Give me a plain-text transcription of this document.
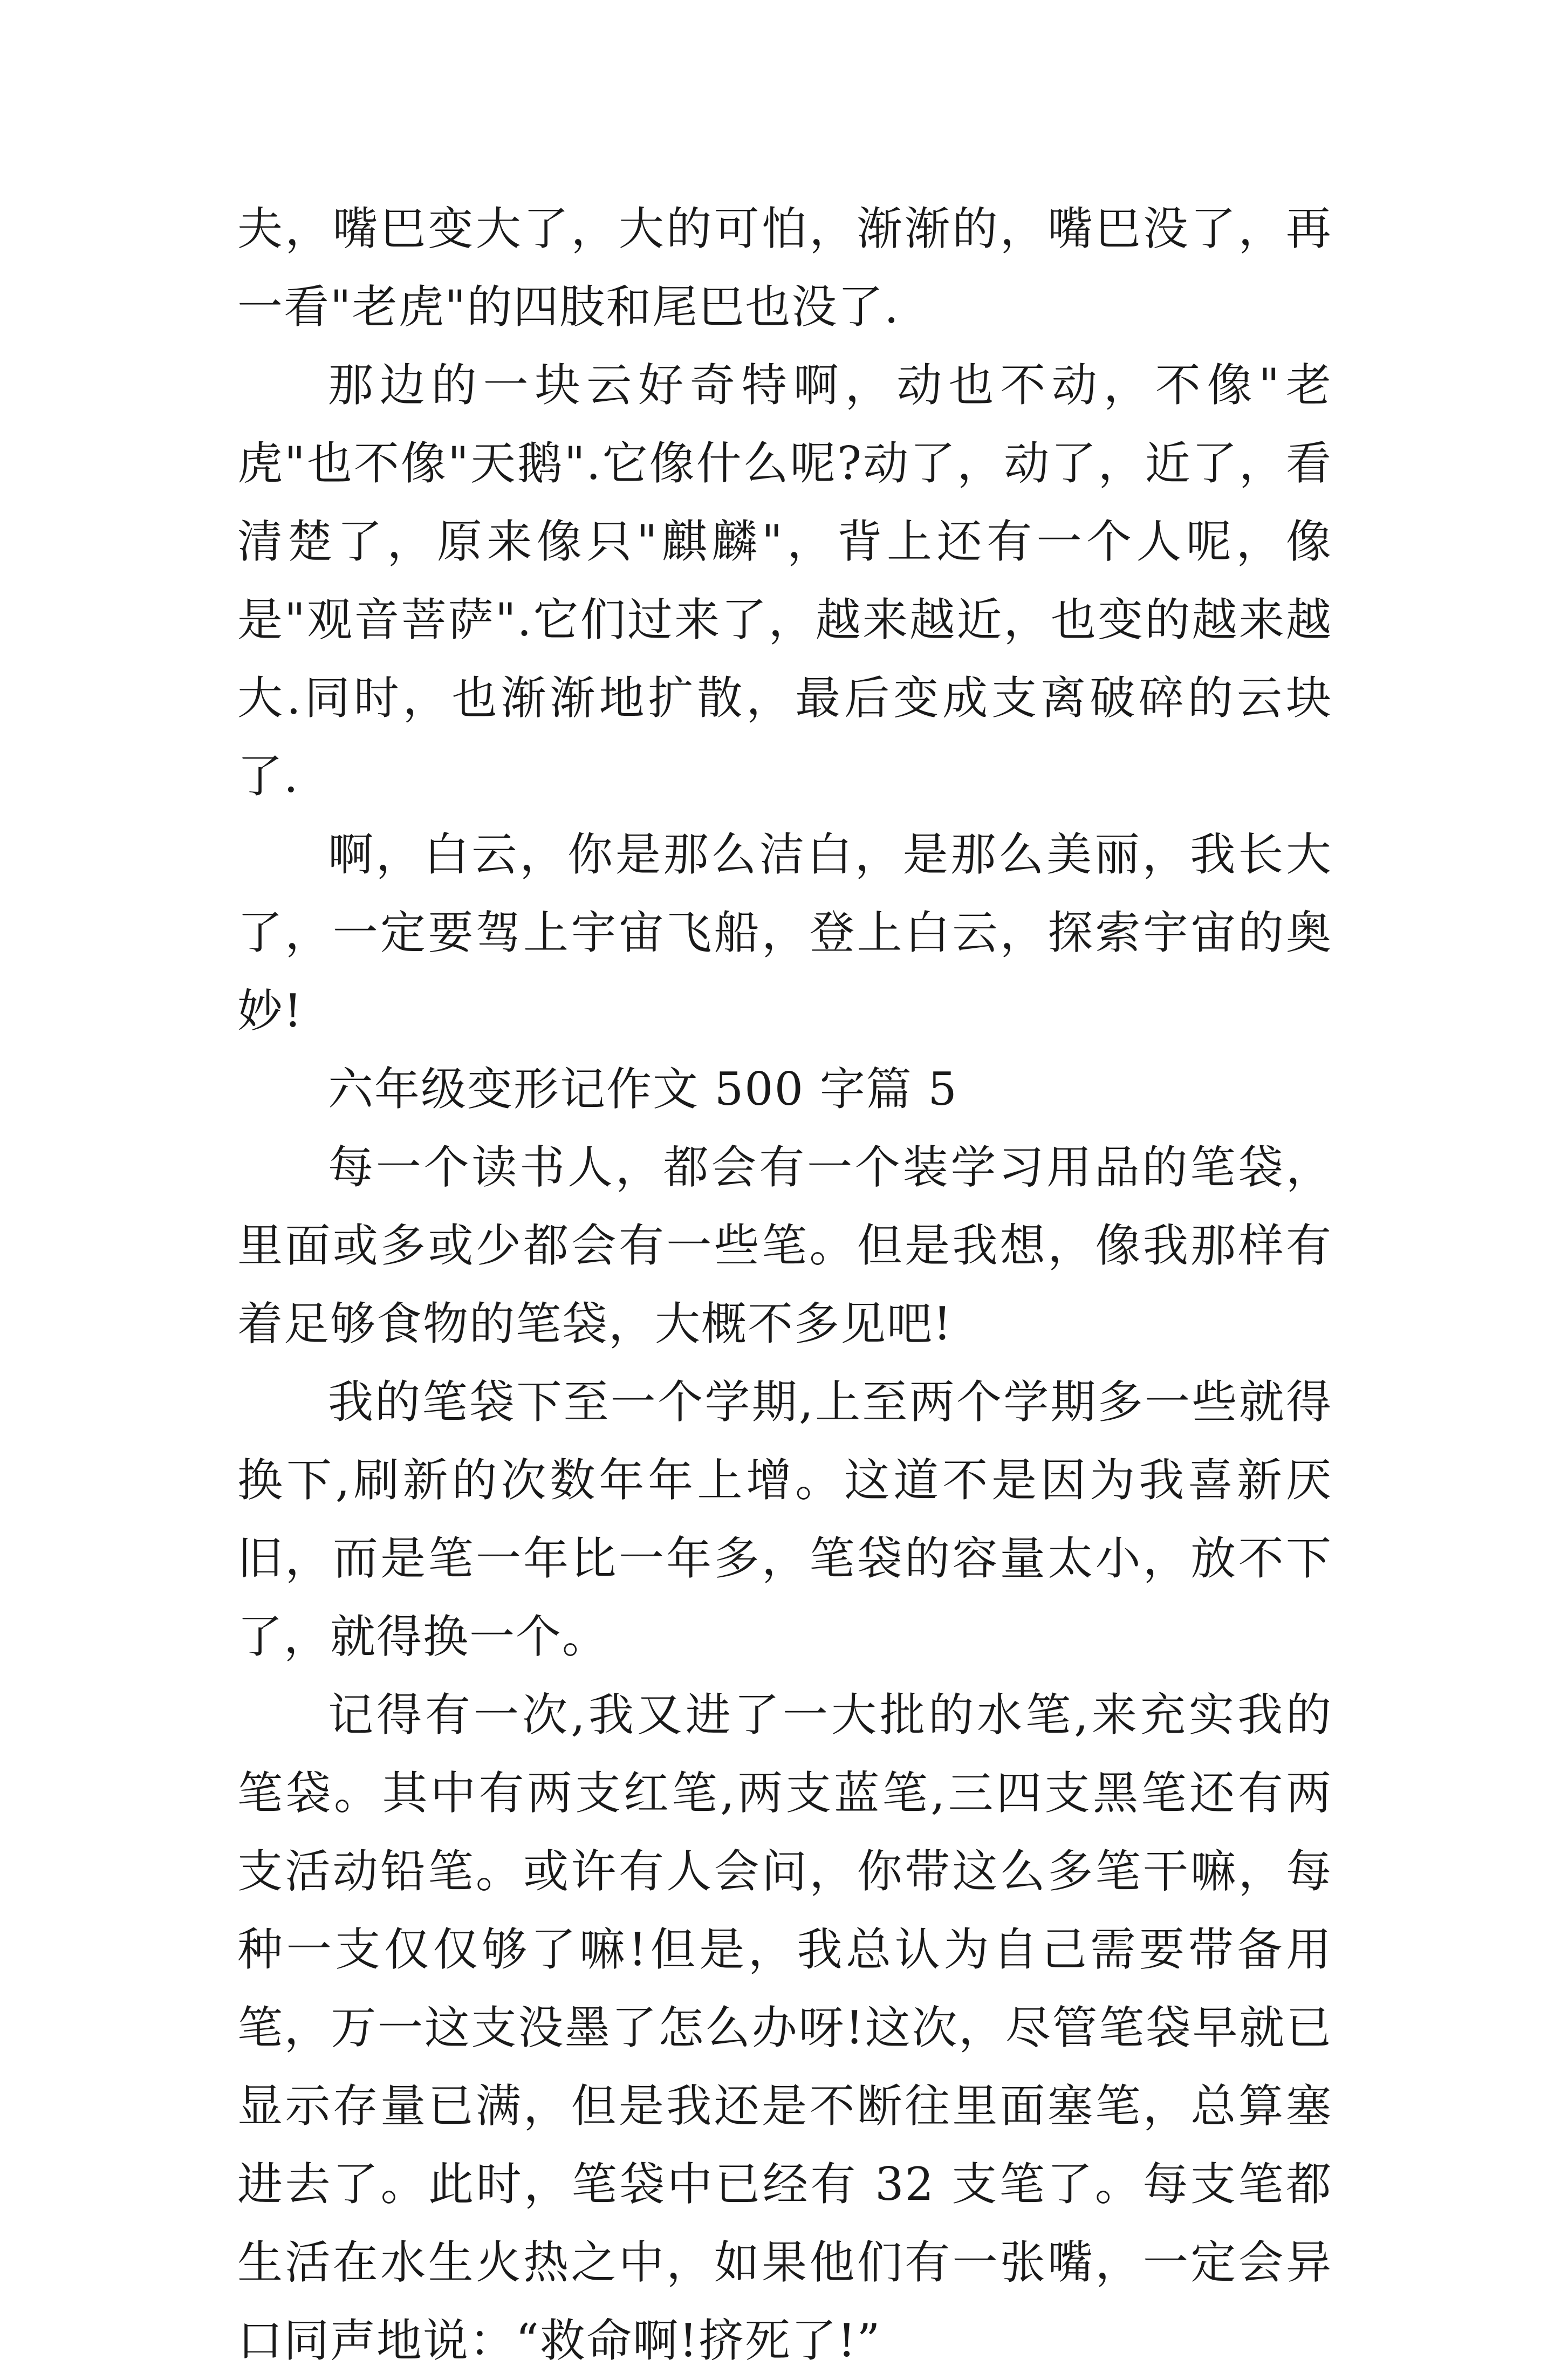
夫，嘴巴变大了，大的可怕，渐渐的，嘴巴没了，再一看"老虎"的四肢和尾巴也没了.

那边的一块云好奇特啊，动也不动，不像"老虎"也不像"天鹅".它像什么呢?动了，动了，近了，看清楚了，原来像只"麒麟"，背上还有一个人呢，像是"观音菩萨".它们过来了，越来越近，也变的越来越大.同时，也渐渐地扩散，最后变成支离破碎的云块了.

啊，白云，你是那么洁白，是那么美丽，我长大了，一定要驾上宇宙飞船，登上白云，探索宇宙的奥妙!

六年级变形记作文 500 字篇 5

每一个读书人，都会有一个装学习用品的笔袋，里面或多或少都会有一些笔。但是我想，像我那样有着足够食物的笔袋，大概不多见吧!

我的笔袋下至一个学期,上至两个学期多一些就得换下,刷新的次数年年上增。这道不是因为我喜新厌旧，而是笔一年比一年多，笔袋的容量太小，放不下了，就得换一个。

记得有一次,我又进了一大批的水笔,来充实我的笔袋。其中有两支红笔,两支蓝笔,三四支黑笔还有两支活动铅笔。或许有人会问，你带这么多笔干嘛，每种一支仅仅够了嘛!但是，我总认为自己需要带备用笔，万一这支没墨了怎么办呀!这次，尽管笔袋早就已显示存量已满，但是我还是不断往里面塞笔，总算塞进去了。此时，笔袋中已经有 32 支笔了。每支笔都生活在水生火热之中，如果他们有一张嘴，一定会异口同声地说：“救命啊!挤死了!”
